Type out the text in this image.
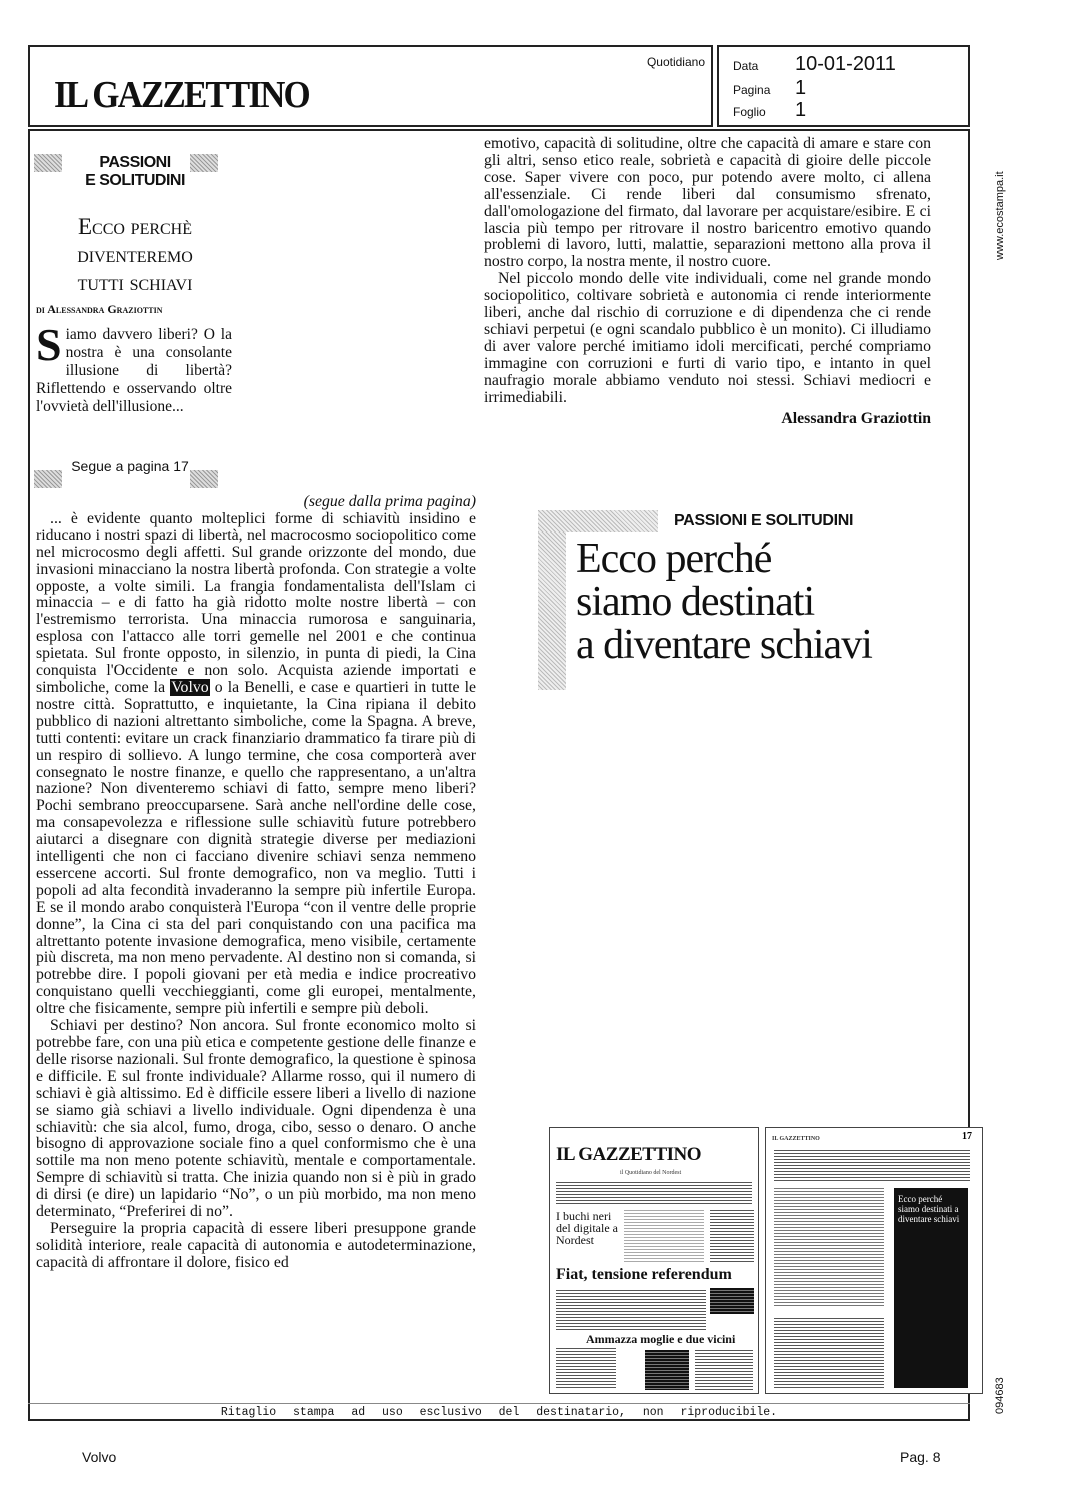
IL GAZZETTINO
Quotidiano Data	10-01-2011
Pagina	1
Foglio	1
PASSIONI
E SOLITUDINI
Ecco perchè
diventeremo
tutti schiavi
di Alessandra Graziottin
Siamo davvero liberi? O la nostra è una consolante illusione di libertà? Riflettendo e osservando oltre l'ovvietà dell'illusione...
Segue a pagina 17

emotivo, capacità di solitudine, oltre che capacità di amare e stare con gli altri, senso etico reale, sobrietà e capacità di gioire delle piccole cose. Saper vivere con poco, pur potendo avere molto, ci allena all'essenziale. Ci rende liberi dal consumismo sfrenato, dall'omologazione del firmato, dal lavorare per acquistare/esibire. E ci lascia più tempo per ritrovare il nostro baricentro emotivo quando problemi di lavoro, lutti, malattie, separazioni mettono alla prova il nostro corpo, la nostra mente, il nostro cuore.

Nel piccolo mondo delle vite individuali, come nel grande mondo sociopolitico, coltivare sobrietà e autonomia ci rende interiormente liberi, anche dal rischio di corruzione e di dipendenza che ci rende schiavi perpetui (e ogni scandalo pubblico è un monito). Ci illudiamo di aver valore perché imitiamo idoli mercificati, perché compriamo immagine con corruzioni e furti di vario tipo, e intanto in quel naufragio morale abbiamo venduto noi stessi. Schiavi mediocri e irrimediabili.

Alessandra Graziottin

(segue dalla prima pagina)

... è evidente quanto molteplici forme di schiavitù insidino e riducano i nostri spazi di libertà, nel macrocosmo sociopolitico come nel microcosmo degli affetti. Sul grande orizzonte del mondo, due invasioni minacciano la nostra libertà profonda. Con strategie a volte opposte, a volte simili. La frangia fondamentalista dell'Islam ci minaccia – e di fatto ha già ridotto molte nostre libertà – con l'estremismo terrorista. Una minaccia rumorosa e sanguinaria, esplosa con l'attacco alle torri gemelle nel 2001 e che continua spietata. Sul fronte opposto, in silenzio, in punta di piedi, la Cina conquista l'Occidente e non solo. Acquista aziende importati e simboliche, come la Volvo o la Benelli, e case e quartieri in tutte le nostre città. Soprattutto, e inquietante, la Cina ripiana il debito pubblico di nazioni altrettanto simboliche, come la Spagna. A breve, tutti contenti: evitare un crack finanziario drammatico fa tirare più di un respiro di sollievo. A lungo termine, che cosa comporterà aver consegnato le nostre finanze, e quello che rappresentano, a un'altra nazione? Non diventeremo schiavi di fatto, sempre meno liberi? Pochi sembrano preoccuparsene. Sarà anche nell'ordine delle cose, ma consapevolezza e riflessione sulle schiavitù future potrebbero aiutarci a disegnare con dignità strategie diverse per mediazioni intelligenti che non ci facciano divenire schiavi senza nemmeno essercene accorti. Sul fronte demografico, non va meglio. Tutti i popoli ad alta fecondità invaderanno la sempre più infertile Europa. E se il mondo arabo conquisterà l'Europa “con il ventre delle proprie donne”, la Cina ci sta del pari conquistando con una pacifica ma altrettanto potente invasione demografica, meno visibile, certamente più discreta, ma non meno pervadente. Al destino non si comanda, si potrebbe dire. I popoli giovani per età media e indice procreativo conquistano quelli vecchieggianti, come gli europei, mentalmente, oltre che fisicamente, sempre più infertili e sempre più deboli.

Schiavi per destino? Non ancora. Sul fronte economico molto si potrebbe fare, con una più etica e competente gestione delle finanze e delle risorse nazionali. Sul fronte demografico, la questione è spinosa e difficile. E sul fronte individuale? Allarme rosso, qui il numero di schiavi è già altissimo. Ed è difficile essere liberi a livello di nazione se siamo già schiavi a livello individuale. Ogni dipendenza è una schiavitù: che sia alcol, fumo, droga, cibo, sesso o denaro. O anche bisogno di approvazione sociale fino a quel conformismo che è una sottile ma non meno potente schiavitù, mentale e comportamentale. Sempre di schiavitù si tratta. Che inizia quando non si è più in grado di dirsi (e dire) un lapidario “No”, o un più morbido, ma non meno determinato, “Preferirei di no”.

Perseguire la propria capacità di essere liberi presuppone grande solidità interiore, reale capacità di autonomia e autodeterminazione, capacità di affrontare il dolore, fisico ed

PASSIONI E SOLITUDINI
Ecco perché
siamo destinati
a diventare schiavi
IL GAZZETTINO
il Quotidiano del Nordest
I buchi neri del digitale a Nordest
Fiat, tensione referendum
Ammazza moglie e due vicini
IL GAZZETTINO	17
Ecco perché siamo destinati a diventare schiavi
Ritaglio stampa ad uso esclusivo del destinatario, non riproducibile.
www.ecostampa.it
094683
Volvo	Pag. 8
